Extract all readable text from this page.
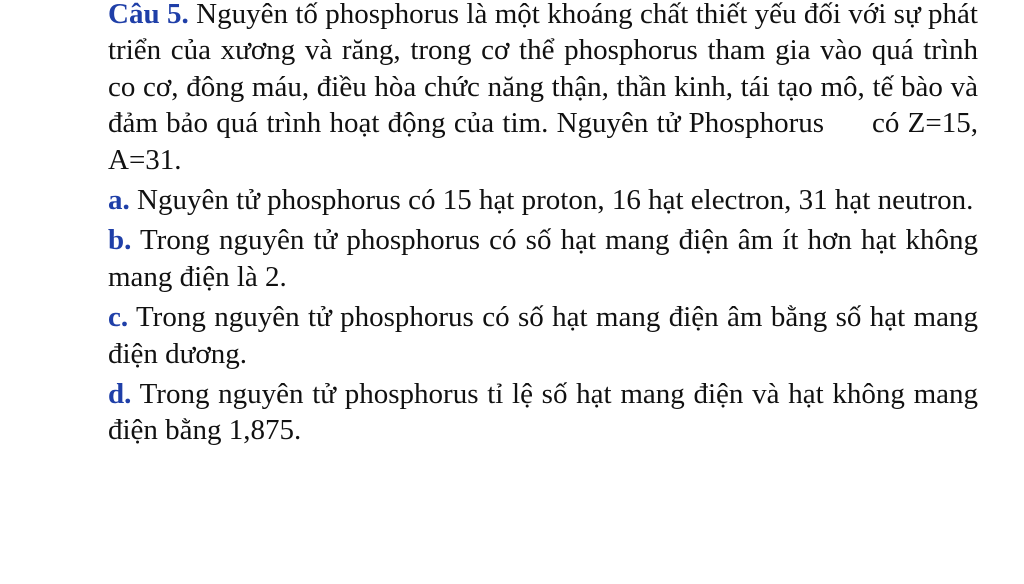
Câu 5. Nguyên tố phosphorus là một khoáng chất thiết yếu đối với sự phát triển của xương và răng, trong cơ thể phosphorus tham gia vào quá trình co cơ, đông máu, điều hòa chức năng thận, thần kinh, tái tạo mô, tế bào và đảm bảo quá trình hoạt động của tim. Nguyên tử Phosphorus có Z=15, A=31.

a. Nguyên tử phosphorus có 15 hạt proton, 16 hạt electron, 31 hạt neutron.

b. Trong nguyên tử phosphorus có số hạt mang điện âm ít hơn hạt không mang điện là 2.

c. Trong nguyên tử phosphorus có số hạt mang điện âm bằng số hạt mang điện dương.

d. Trong nguyên tử phosphorus tỉ lệ số hạt mang điện và hạt không mang điện bằng 1,875.
